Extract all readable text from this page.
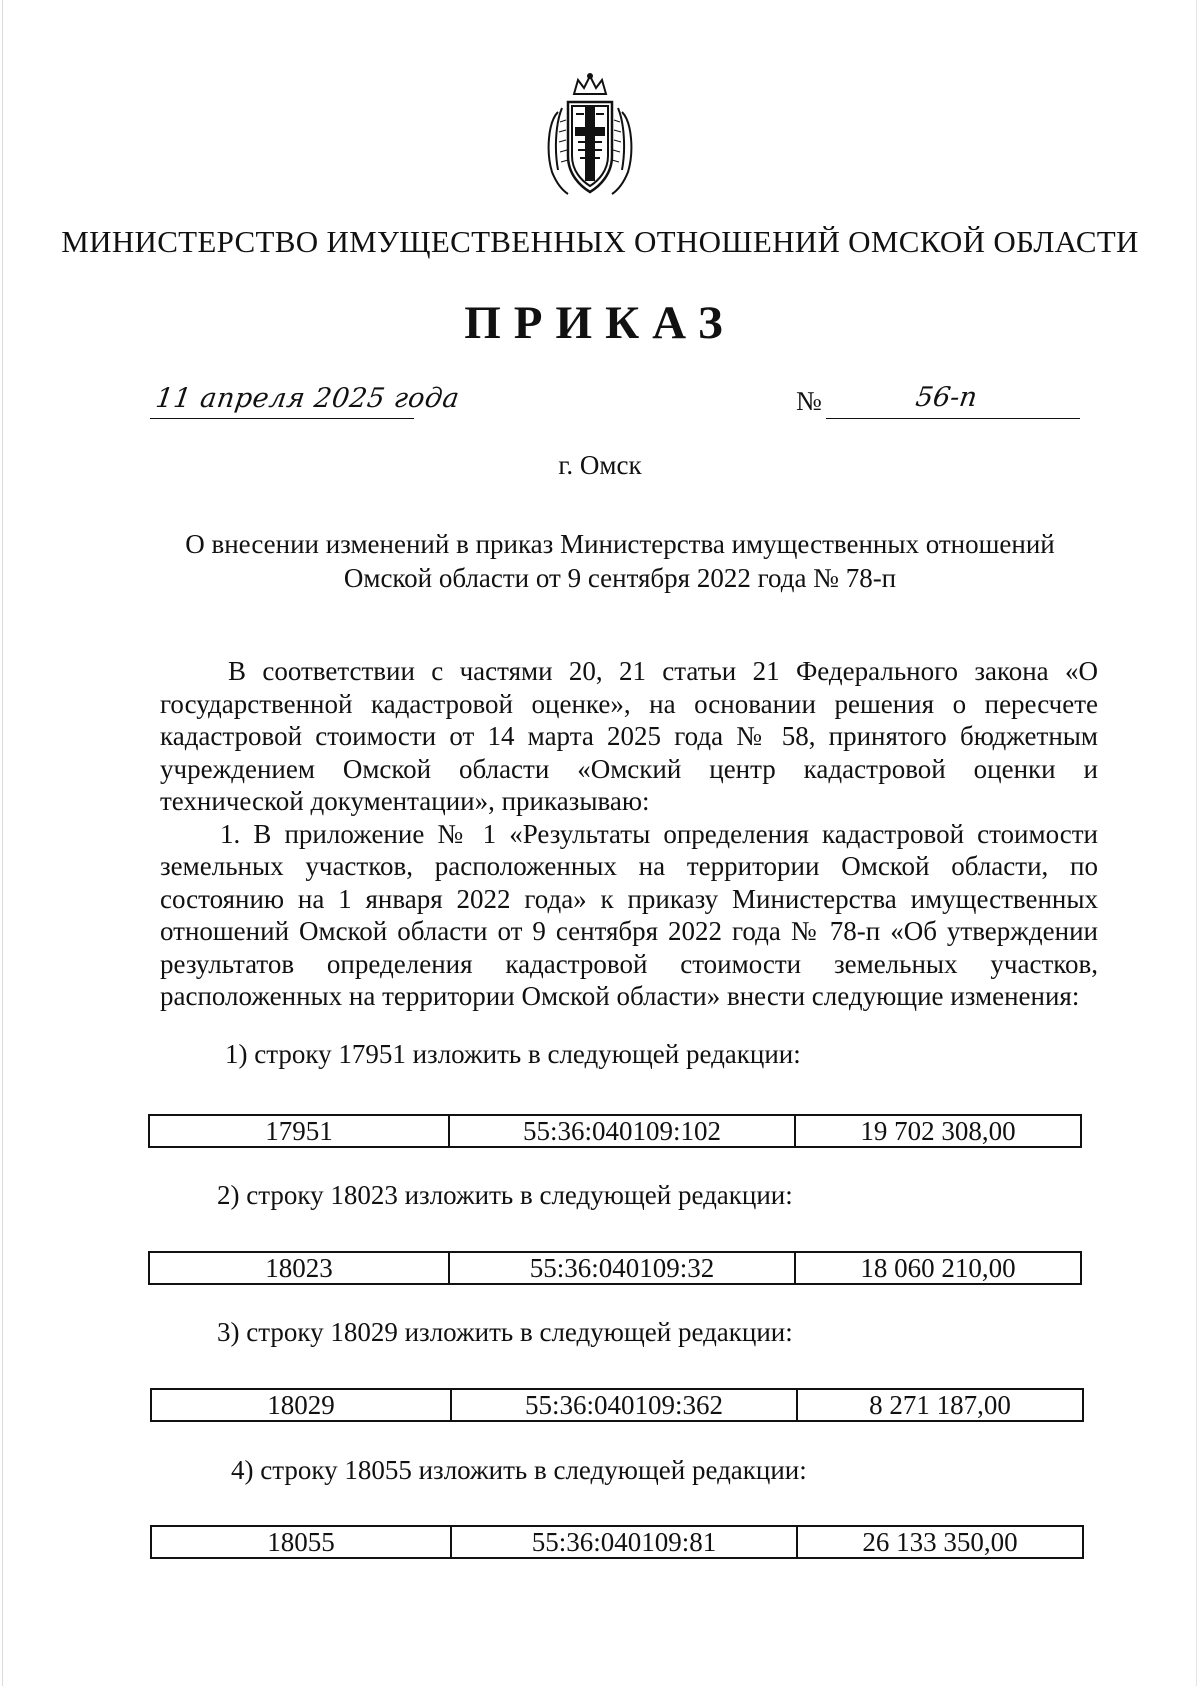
МИНИСТЕРСТВО ИМУЩЕСТВЕННЫХ ОТНОШЕНИЙ ОМСКОЙ ОБЛАСТИ
ПРИКАЗ
11 апреля 2025 года	№	56-п
г. Омск
О внесении изменений в приказ Министерства имущественных отношений
Омской области от 9 сентября 2022 года № 78-п

В соответствии с частями 20, 21 статьи 21 Федерального закона «О государственной кадастровой оценке», на основании решения о пересчете кадастровой стоимости от 14 марта 2025 года № 58, принятого бюджетным учреждением Омской области «Омский центр кадастровой оценки и технической документации», приказываю:

1. В приложение № 1 «Результаты определения кадастровой стоимости земельных участков, расположенных на территории Омской области, по состоянию на 1 января 2022 года» к приказу Министерства имущественных отношений Омской области от 9 сентября 2022 года № 78-п «Об утверждении результатов определения кадастровой стоимости земельных участков, расположенных на территории Омской области» внести следующие изменения:

1) строку 17951 изложить в следующей редакции:
17951	55:36:040109:102	19 702 308,00
2) строку 18023 изложить в следующей редакции:
18023	55:36:040109:32	18 060 210,00
3) строку 18029 изложить в следующей редакции:
18029	55:36:040109:362	8 271 187,00
4) строку 18055 изложить в следующей редакции:
18055	55:36:040109:81	26 133 350,00
